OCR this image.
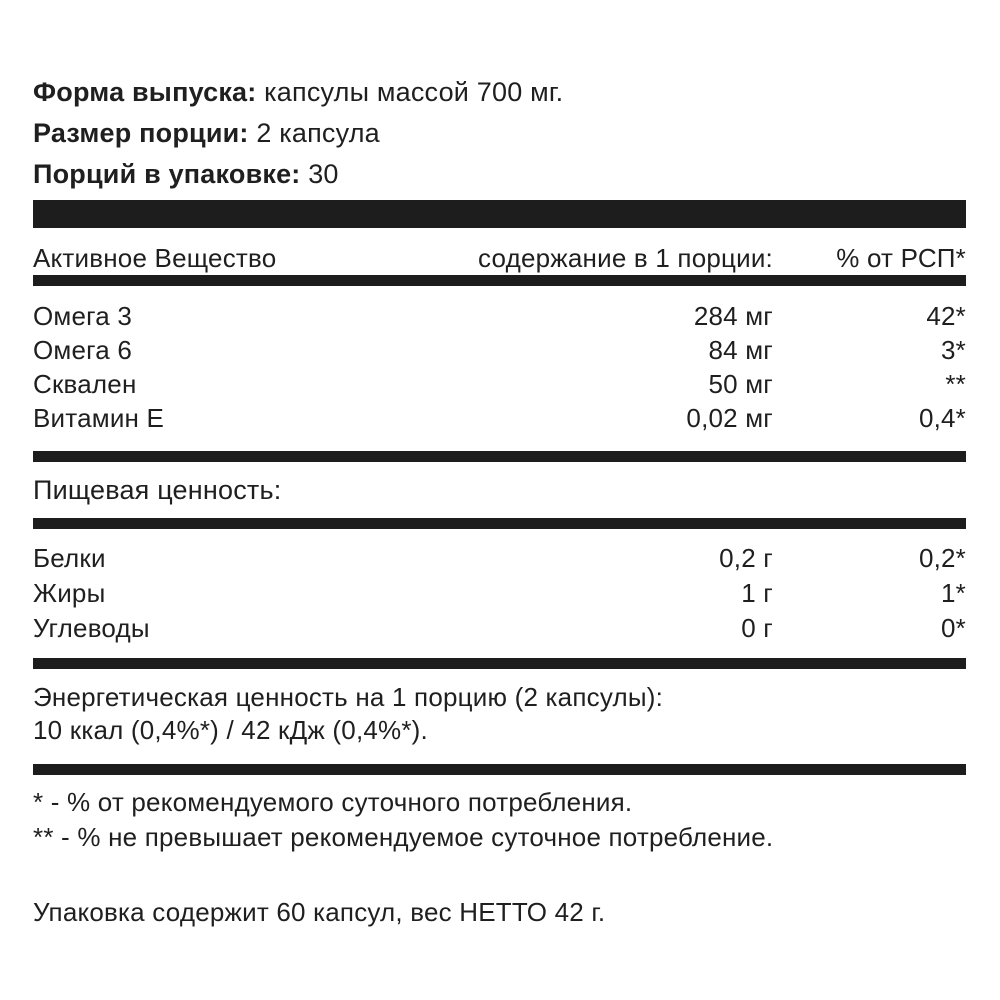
Форма выпуска: капсулы массой 700 мг.
Размер порции: 2 капсула
Порций в упаковке: 30
Активное Вещество	содержание в 1 порции:	% от РСП*
Омега 3	284 мг	42*
Омега 6	84 мг	3*
Сквален	50 мг	**
Витамин Е	0,02 мг	0,4*
Пищевая ценность:
Белки	0,2 г	0,2*
Жиры	1 г	1*
Углеводы	0 г	0*
Энергетическая ценность на 1 порцию (2 капсулы):
10 ккал (0,4%*) / 42 кДж (0,4%*).
* - % от рекомендуемого суточного потребления.
** - % не превышает рекомендуемое суточное потребление.
Упаковка содержит 60 капсул, вес НЕТТО 42 г.
